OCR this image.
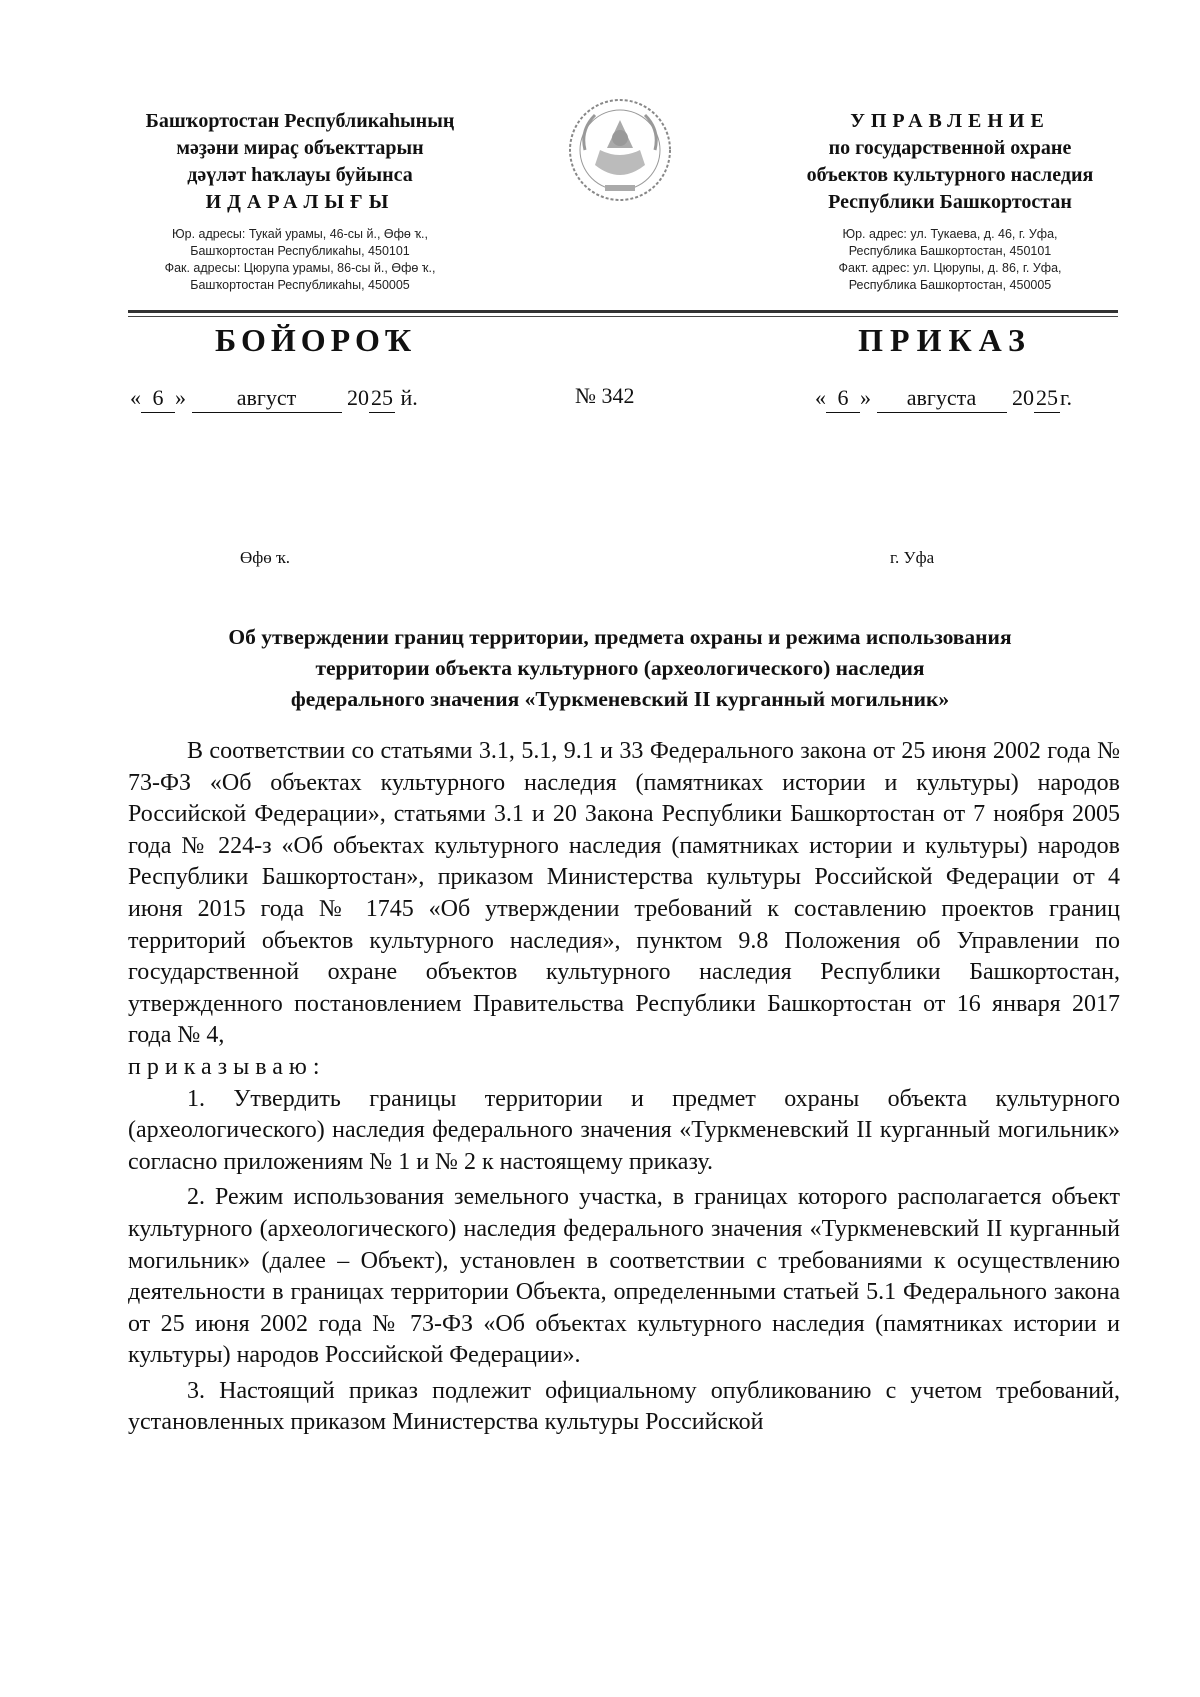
Башҡортостан Республикаһының
мәҙәни мираҫ объекттарын
дәүләт һаҡлауы буйынса
ИДАРАЛЫҒЫ
Юр. адресы: Тукай урамы, 46-сы й., Өфө ҡ.,
Башҡортостан Республикаһы, 450101
Фак. адресы: Цюрупа урамы, 86-сы й., Өфө ҡ.,
Башҡортостан Республикаһы, 450005
УПРАВЛЕНИЕ
по государственной охране
объектов культурного наследия
Республики Башкортостан
Юр. адрес: ул. Тукаева, д. 46, г. Уфа,
Республика Башкортостан, 450101
Факт. адрес: ул. Цюрупы, д. 86, г. Уфа,
Республика Башкортостан, 450005
БОЙОРОҠ	ПРИКАЗ
« 6 » август 2025 й.	№ 342	« 6 » августа 2025г.
Өфө ҡ.	г. Уфа
Об утверждении границ территории, предмета охраны и режима использования
территории объекта культурного (археологического) наследия
федерального значения «Туркменевский II курганный могильник»

В соответствии со статьями 3.1, 5.1, 9.1 и 33 Федерального закона от 25 июня 2002 года № 73-ФЗ «Об объектах культурного наследия (памятниках истории и культуры) народов Российской Федерации», статьями 3.1 и 20 Закона Республики Башкортостан от 7 ноября 2005 года № 224-з «Об объектах культурного наследия (памятниках истории и культуры) народов Республики Башкортостан», приказом Министерства культуры Российской Федерации от 4 июня 2015 года № 1745 «Об утверждении требований к составлению проектов границ территорий объектов культурного наследия», пунктом 9.8 Положения об Управлении по государственной охране объектов культурного наследия Республики Башкортостан, утвержденного постановлением Правительства Республики Башкортостан от 16 января 2017 года № 4,

приказываю:

1. Утвердить границы территории и предмет охраны объекта культурного (археологического) наследия федерального значения «Туркменевский II курганный могильник» согласно приложениям № 1 и № 2 к настоящему приказу.

2. Режим использования земельного участка, в границах которого располагается объект культурного (археологического) наследия федерального значения «Туркменевский II курганный могильник» (далее – Объект), установлен в соответствии с требованиями к осуществлению деятельности в границах территории Объекта, определенными статьей 5.1 Федерального закона от 25 июня 2002 года № 73-ФЗ «Об объектах культурного наследия (памятниках истории и культуры) народов Российской Федерации».

3. Настоящий приказ подлежит официальному опубликованию с учетом требований, установленных приказом Министерства культуры Российской
